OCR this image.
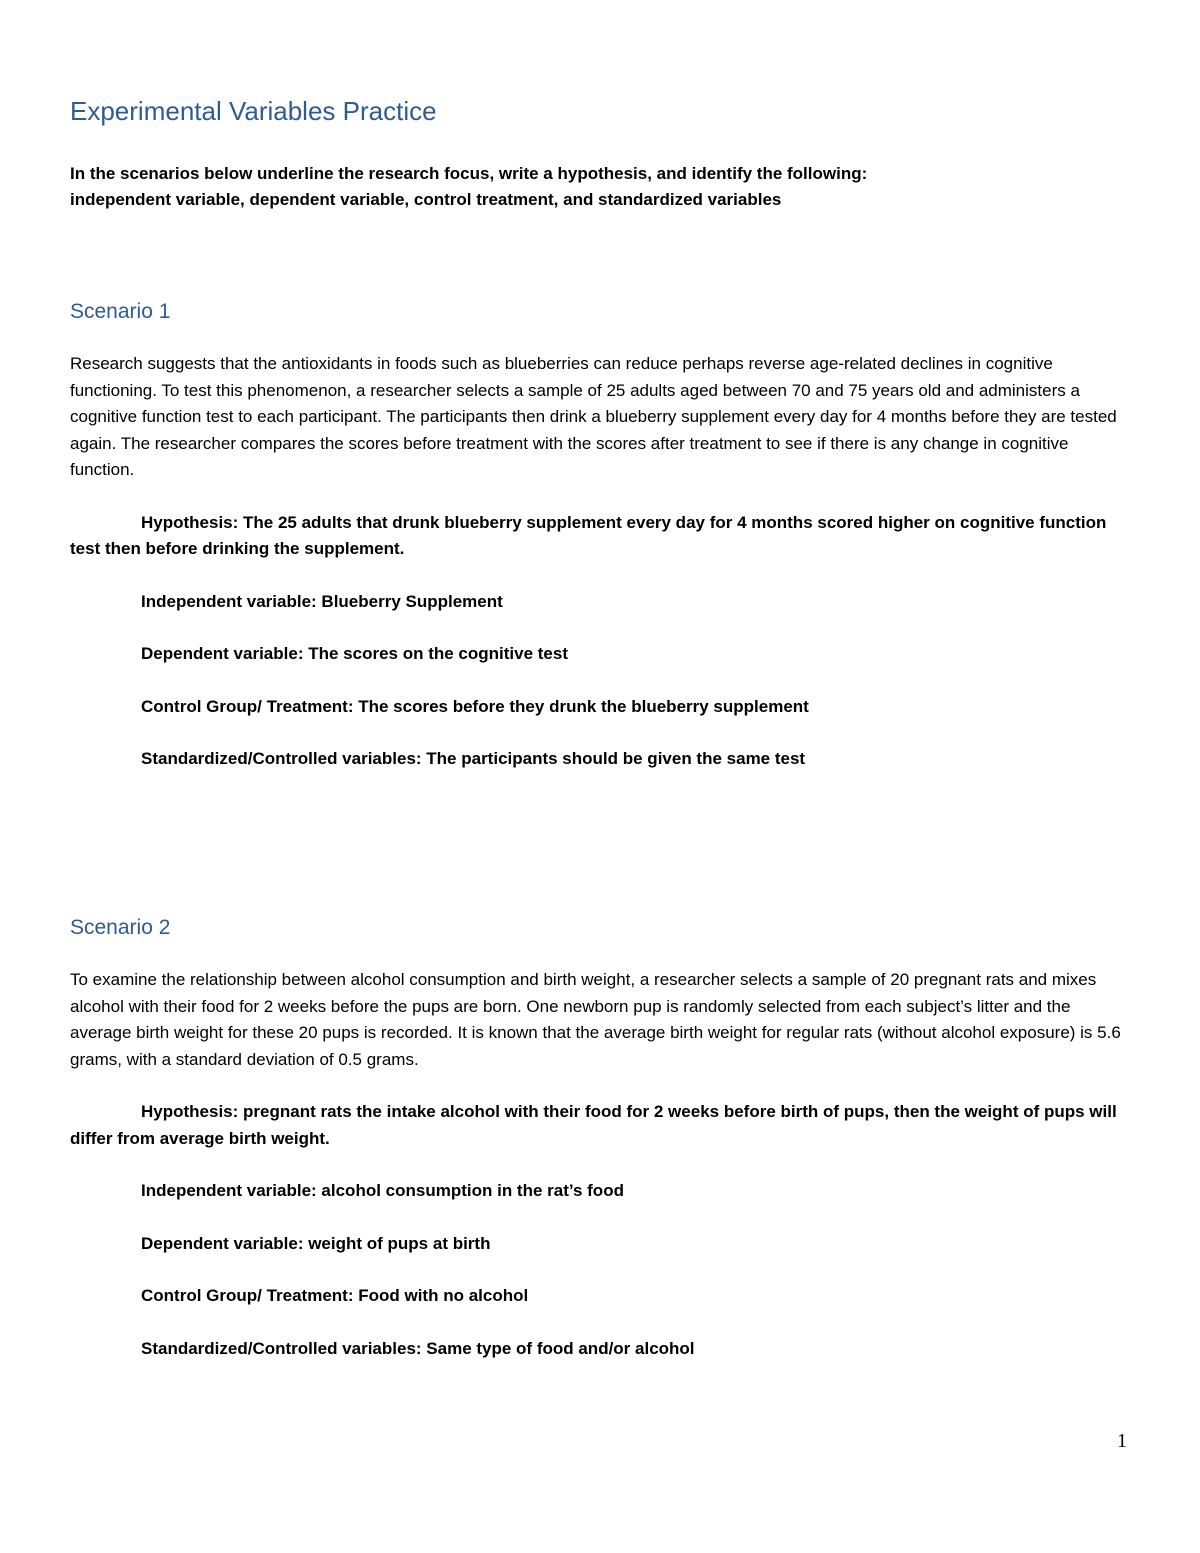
Experimental Variables Practice
In the scenarios below underline the research focus, write a hypothesis, and identify the following:
independent variable, dependent variable, control treatment, and standardized variables
Scenario 1
Research suggests that the antioxidants in foods such as blueberries can reduce perhaps reverse age-related declines in cognitive functioning. To test this phenomenon, a researcher selects a sample of 25 adults aged between 70 and 75 years old and administers a cognitive function test to each participant. The participants then drink a blueberry supplement every day for 4 months before they are tested again. The researcher compares the scores before treatment with the scores after treatment to see if there is any change in cognitive function.
Hypothesis: The 25 adults that drunk blueberry supplement every day for 4 months scored higher on cognitive function test then before drinking the supplement.
Independent variable: Blueberry Supplement
Dependent variable: The scores on the cognitive test
Control Group/ Treatment: The scores before they drunk the blueberry supplement
Standardized/Controlled variables: The participants should be given the same test
Scenario 2
To examine the relationship between alcohol consumption and birth weight, a researcher selects a sample of 20 pregnant rats and mixes alcohol with their food for 2 weeks before the pups are born. One newborn pup is randomly selected from each subject’s litter and the average birth weight for these 20 pups is recorded. It is known that the average birth weight for regular rats (without alcohol exposure) is 5.6 grams, with a standard deviation of 0.5 grams.
Hypothesis: pregnant rats the intake alcohol with their food for 2 weeks before birth of pups, then the weight of pups will differ from average birth weight.
Independent variable: alcohol consumption in the rat’s food
Dependent variable: weight of pups at birth
Control Group/ Treatment: Food with no alcohol
Standardized/Controlled variables: Same type of food and/or alcohol
1
